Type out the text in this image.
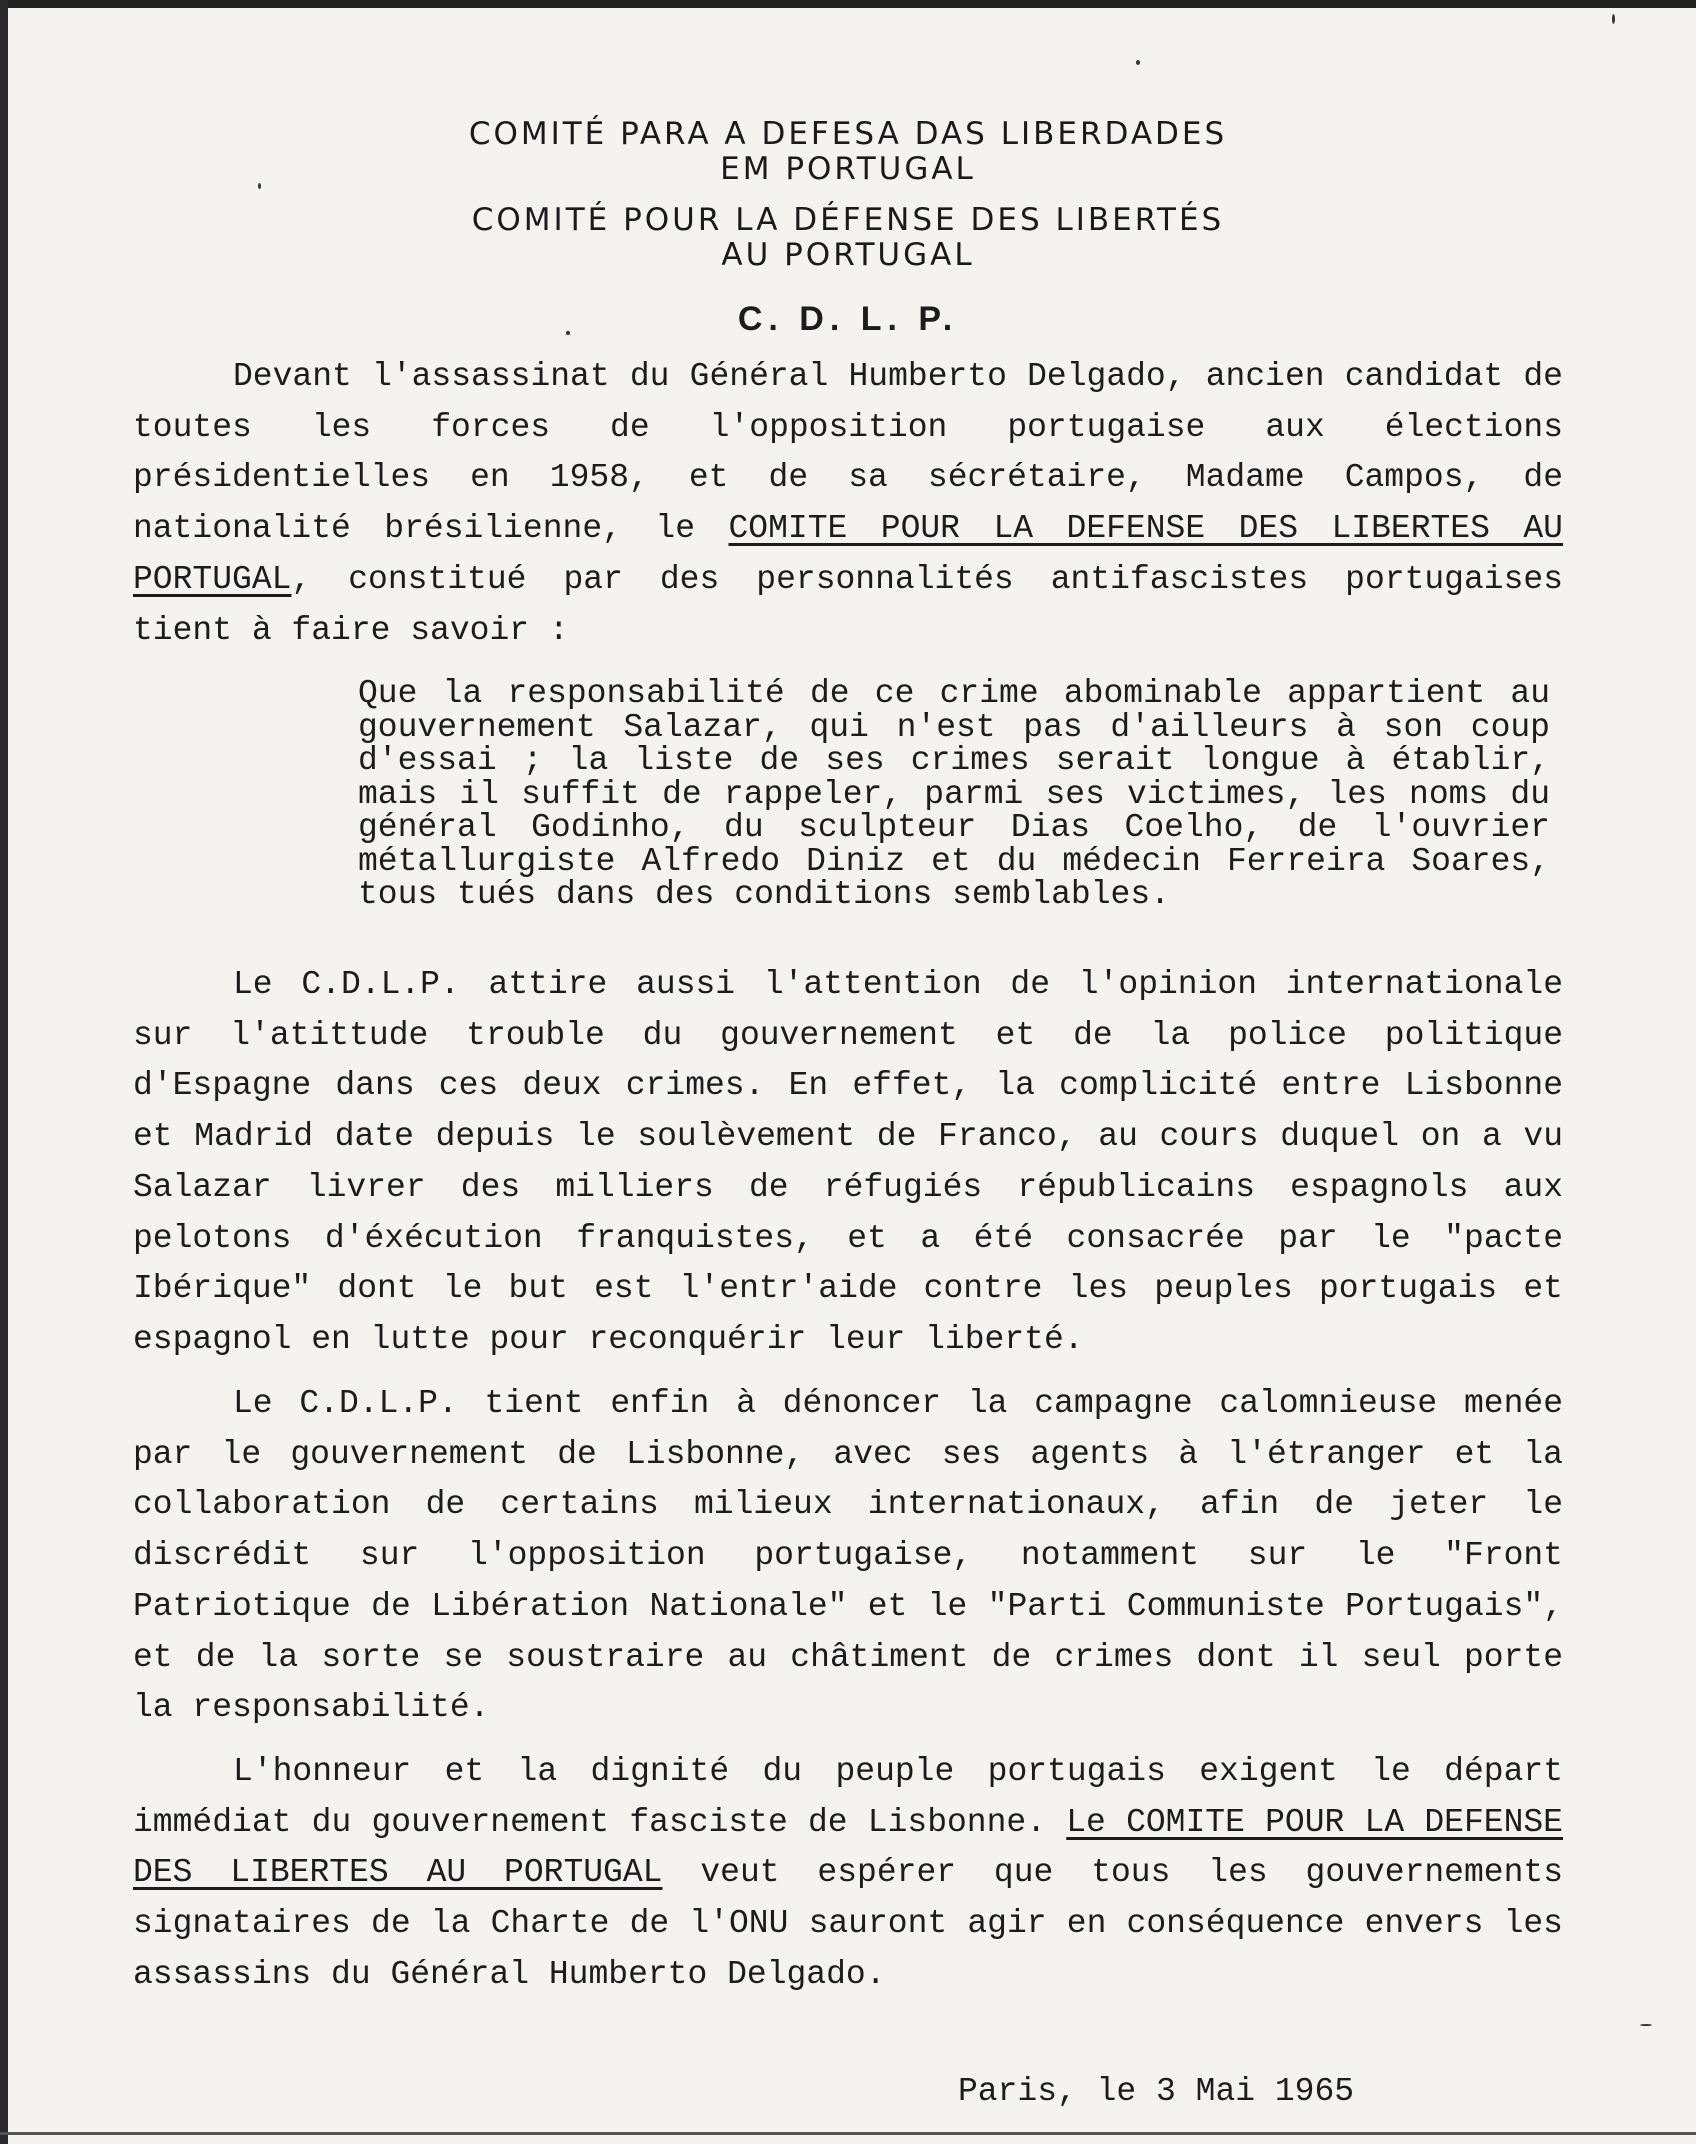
COMITÉ PARA A DEFESA DAS LIBERDADES
EM PORTUGAL
COMITÉ POUR LA DÉFENSE DES LIBERTÉS
AU PORTUGAL
C. D. L. P.
Devant l'assassinat du Général Humberto Delgado, ancien candidat de toutes les forces de l'opposition portugaise aux élections présidentielles en 1958, et de sa sécrétaire, Madame Campos, de nationalité brésilienne, le COMITE POUR LA DEFENSE DES LIBERTES AU PORTUGAL, constitué par des personnalités antifascistes portugaises tient à faire savoir :
Que la responsabilité de ce crime abominable appartient au gouvernement Salazar, qui n'est pas d'ailleurs à son coup d'essai ; la liste de ses crimes serait longue à établir, mais il suffit de rappeler, parmi ses victimes, les noms du général Godinho, du sculpteur Dias Coelho, de l'ouvrier métallurgiste Alfredo Diniz et du médecin Ferreira Soares, tous tués dans des conditions semblables.
Le C.D.L.P. attire aussi l'attention de l'opinion internationale sur l'atittude trouble du gouvernement et de la police politique d'Espagne dans ces deux crimes. En effet, la complicité entre Lisbonne et Madrid date depuis le soulèvement de Franco, au cours duquel on a vu Salazar livrer des milliers de réfugiés républicains espagnols aux pelotons d'éxécution franquistes, et a été consacrée par le "pacte Ibérique" dont le but est l'entr'aide contre les peuples portugais et espagnol en lutte pour reconquérir leur liberté.
Le C.D.L.P. tient enfin à dénoncer la campagne calomnieuse menée par le gouvernement de Lisbonne, avec ses agents à l'étranger et la collaboration de certains milieux internationaux, afin de jeter le discrédit sur l'opposition portugaise, notamment sur le "Front Patriotique de Libération Nationale" et le "Parti Communiste Portugais", et de la sorte se soustraire au châtiment de crimes dont il seul porte la responsabilité.
L'honneur et la dignité du peuple portugais exigent le départ immédiat du gouvernement fasciste de Lisbonne. Le COMITE POUR LA DEFENSE DES LIBERTES AU PORTUGAL veut espérer que tous les gouvernements signataires de la Charte de l'ONU sauront agir en conséquence envers les assassins du Général Humberto Delgado.
Paris, le 3 Mai 1965
